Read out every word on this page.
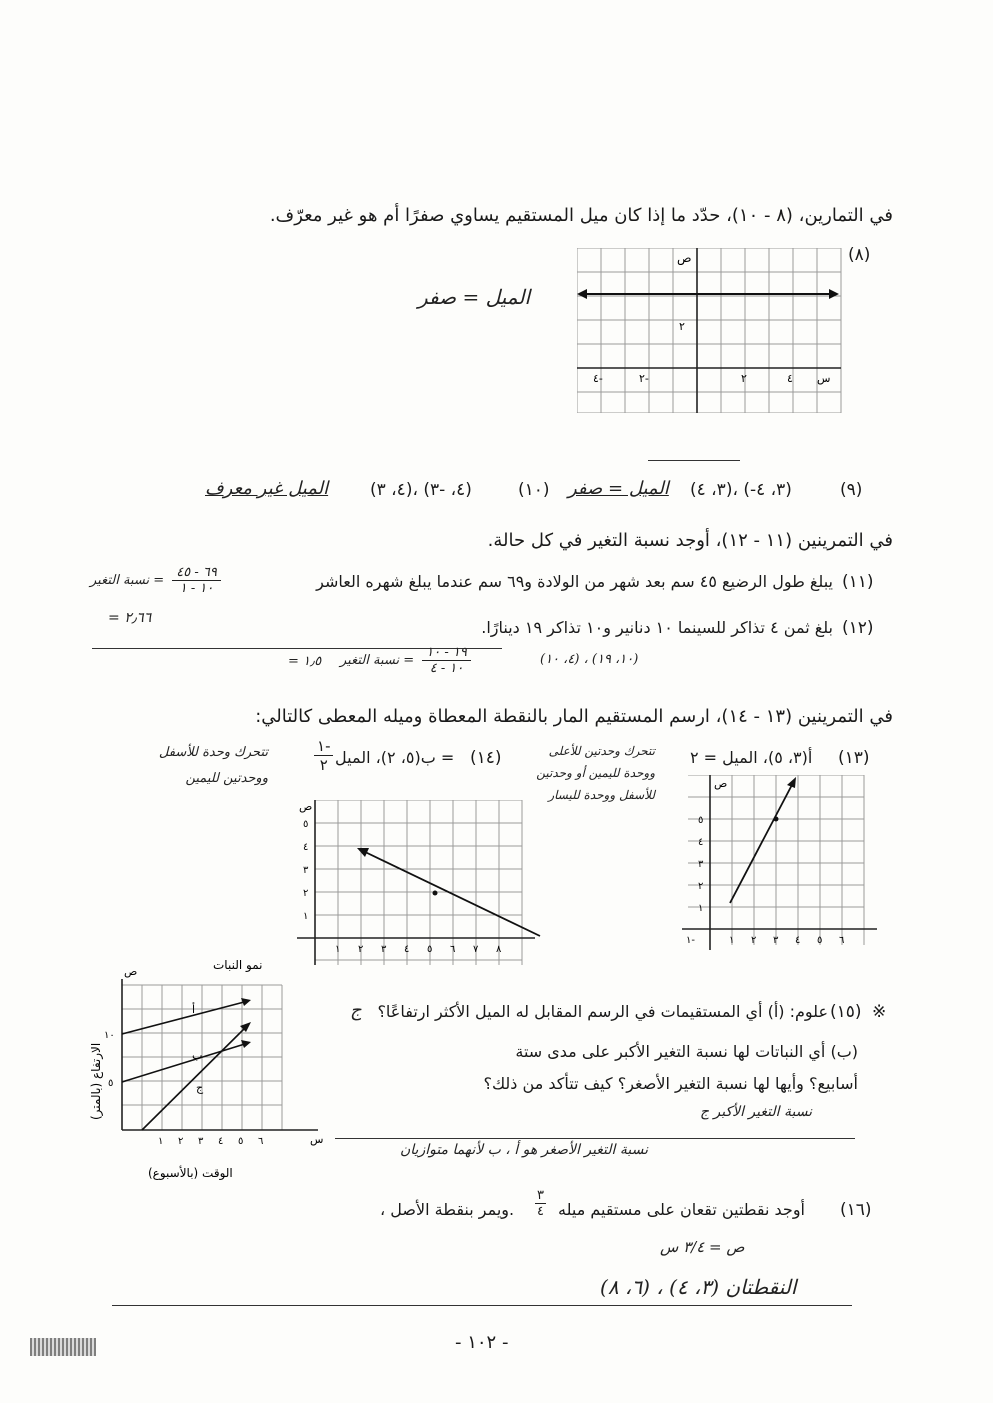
في التمارين، (٨ - ١٠)، حدّد ما إذا كان ميل المستقيم يساوي صفرًا أم هو غير معرّف.
(٨)
الميل = صفر
ص
٢
٤-	٢-	٢	٤ س
(٩)
(٣، ٤)، (-٣، ٤)
الميل = صفر
(١٠)
(٤، ٣)، (٤، -٣)
الميل غير معرف
في التمرينين (١١ - ١٢)، أوجد نسبة التغير في كل حالة.
(١١)
يبلغ طول الرضيع ٤٥ سم بعد شهر من الولادة و٦٩ سم عندما يبلغ شهره العاشر
نسبة التغير =
٦٩ - ٤٥
١٠ - ١
= ٢٫٦٦	(١٢)
بلغ ثمن ٤ تذاكر للسينما ١٠ دنانير و١٠ تذاكر ١٩ دينارًا.
(٤، ١٠) ، (١٠، ١٩)
نسبة التغير =
١٩ - ١٠
١٠ - ٤
= ١٫٥
في التمرينين (١٣ - ١٤)، ارسم المستقيم المار بالنقطة المعطاة وميله المعطى كالتالي:
(١٣)
أ(٣، ٥)، الميل = ٢
تتحرك وحدتين للأعلى ووحدة لليمين أو وحدتين للأسفل ووحدة لليسار
(١٤)
ب(٥، ٢)، الميل =
١-
٢
تتحرك وحدة للأسفل ووحدتين لليمين
ص
١
٢
٣
٤
٥
١ ٢ ٣ ٤ ٥ ٦ ٧ ٨
ص
١
٢
٣
٤
٥
١-	١ ٢ ٣ ٤ ٥ ٦
※
(١٥)
علوم: (أ) أي المستقيمات في الرسم المقابل له الميل الأكثر ارتفاعًا؟
ج
(ب) أي النباتات لها نسبة التغير الأكبر على مدى ستة
أسابيع؟ وأيها لها نسبة التغير الأصغر؟ كيف تتأكد من ذلك؟
نسبة التغير الأكبر ج
نسبة التغير الأصغر هو أ ، ب لأنهما متوازيان
نمو النبات
ص
س
أ
ب
ج
٥
١٠
١ ٢ ٣ ٤ ٥ ٦
الوقت (بالأسبوع)
الارتفاع (بالمتر)
(١٦)
أوجد نقطتين تقعان على مستقيم ميله
٣
٤
، ويمر بنقطة الأصل.
ص = ٣/٤ س
النقطتان (٣، ٤) ، (٦، ٨)
- ١٠٢ -
